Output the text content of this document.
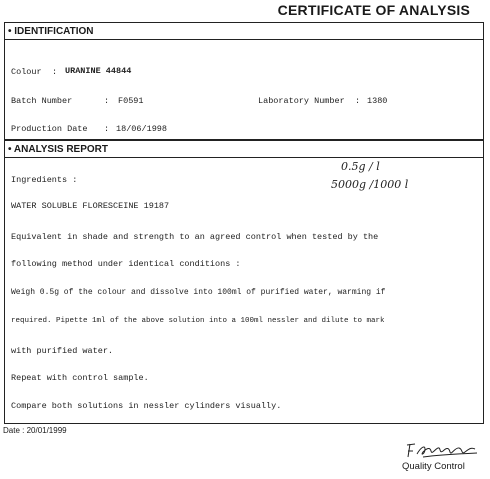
CERTIFICATE OF ANALYSIS
• IDENTIFICATION
Colour : URANINE 44844
Batch Number	: F0591	Laboratory Number : 1380
Production Date : 18/06/1998
• ANALYSIS REPORT
Ingredients :
0.5g / l
5000g /1000 l
WATER SOLUBLE FLORESCEINE 19187
Equivalent in shade and strength to an agreed control when tested by the
following method under identical conditions :
Weigh 0.5g of the colour and dissolve into 100ml of purified water, warming if
required. Pipette 1ml of the above solution into a 100ml nessler and dilute to mark
with purified water.
Repeat with control sample.
Compare both solutions in nessler cylinders visually.
Date : 20/01/1999
Quality Control
